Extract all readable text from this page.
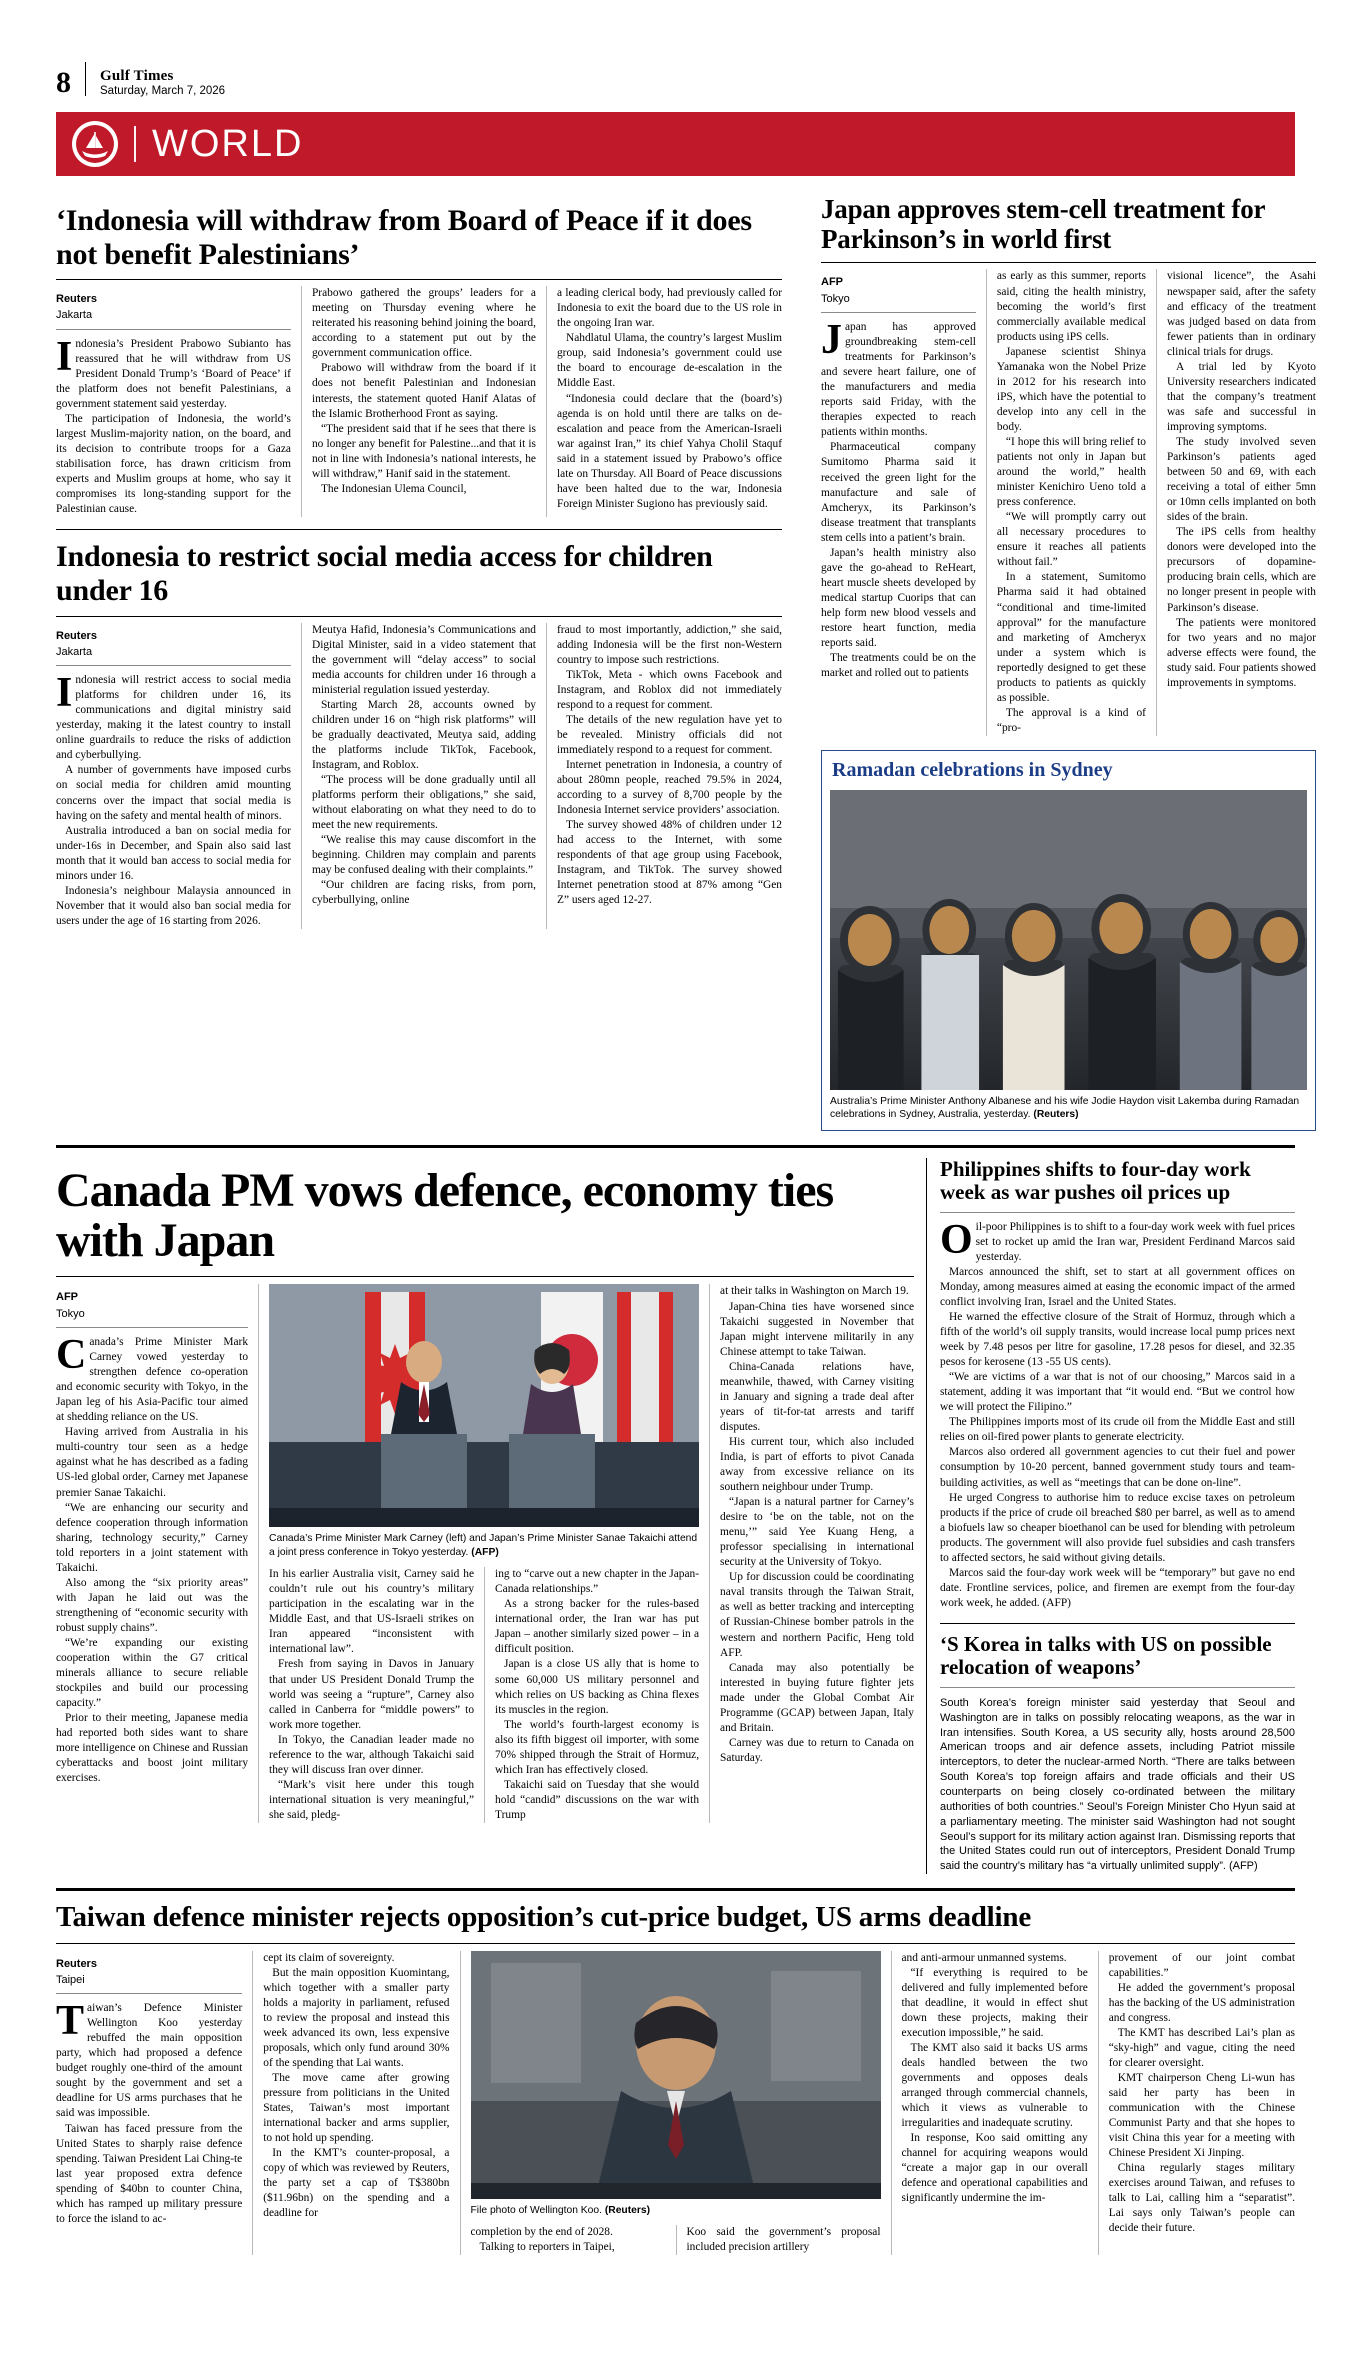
8 Gulf Times
Saturday, March 7, 2026
WORLD
‘Indonesia will withdraw from Board of Peace if it does not benefit Palestinians’
Reuters
Jakarta

Indonesia’s President Prabowo Subianto has reassured that he will withdraw from US President Donald Trump’s ‘Board of Peace’ if the platform does not benefit Palestinians, a government statement said yesterday.

The participation of Indonesia, the world’s largest Muslim-majority nation, on the board, and its decision to contribute troops for a Gaza stabilisation force, has drawn criticism from experts and Muslim groups at home, who say it compromises its long-standing support for the Palestinian cause.

Prabowo gathered the groups’ leaders for a meeting on Thursday evening where he reiterated his reasoning behind joining the board, according to a statement put out by the government communication office.

Prabowo will withdraw from the board if it does not benefit Palestinian and Indonesian interests, the statement quoted Hanif Alatas of the Islamic Brotherhood Front as saying.

“The president said that if he sees that there is no longer any benefit for Palestine...and that it is not in line with Indonesia’s national interests, he will withdraw,” Hanif said in the statement.

The Indonesian Ulema Council,

a leading clerical body, had previously called for Indonesia to exit the board due to the US role in the ongoing Iran war.

Nahdlatul Ulama, the country’s largest Muslim group, said Indonesia’s government could use the board to encourage de-escalation in the Middle East.

“Indonesia could declare that the (board’s) agenda is on hold until there are talks on de-escalation and peace from the American-Israeli war against Iran,” its chief Yahya Cholil Staquf said in a statement issued by Prabowo’s office late on Thursday. All Board of Peace discussions have been halted due to the war, Indonesia Foreign Minister Sugiono has previously said.

Indonesia to restrict social media access for children under 16
Reuters
Jakarta

Indonesia will restrict access to social media platforms for children under 16, its communications and digital ministry said yesterday, making it the latest country to install online guardrails to reduce the risks of addiction and cyberbullying.

A number of governments have imposed curbs on social media for children amid mounting concerns over the impact that social media is having on the safety and mental health of minors.

Australia introduced a ban on social media for under-16s in December, and Spain also said last month that it would ban access to social media for minors under 16.

Indonesia’s neighbour Malaysia announced in November that it would also ban social media for users under the age of 16 starting from 2026.

Meutya Hafid, Indonesia’s Communications and Digital Minister, said in a video statement that the government will “delay access” to social media accounts for children under 16 through a ministerial regulation issued yesterday.

Starting March 28, accounts owned by children under 16 on “high risk platforms” will be gradually deactivated, Meutya said, adding the platforms include TikTok, Facebook, Instagram, and Roblox.

“The process will be done gradually until all platforms perform their obligations,” she said, without elaborating on what they need to do to meet the new requirements.

“We realise this may cause discomfort in the beginning. Children may complain and parents may be confused dealing with their complaints.”

“Our children are facing risks, from porn, cyberbullying, online

fraud to most importantly, addiction,” she said, adding Indonesia will be the first non-Western country to impose such restrictions.

TikTok, Meta - which owns Facebook and Instagram, and Roblox did not immediately respond to a request for comment.

The details of the new regulation have yet to be revealed. Ministry officials did not immediately respond to a request for comment.

Internet penetration in Indonesia, a country of about 280mn people, reached 79.5% in 2024, according to a survey of 8,700 people by the Indonesia Internet service providers’ association.

The survey showed 48% of children under 12 had access to the Internet, with some respondents of that age group using Facebook, Instagram, and TikTok. The survey showed Internet penetration stood at 87% among “Gen Z” users aged 12-27.

Japan approves stem-cell treatment for Parkinson’s in world first
AFP
Tokyo

Japan has approved groundbreaking stem-cell treatments for Parkinson’s and severe heart failure, one of the manufacturers and media reports said Friday, with the therapies expected to reach patients within months.

Pharmaceutical company Sumitomo Pharma said it received the green light for the manufacture and sale of Amcheryx, its Parkinson’s disease treatment that transplants stem cells into a patient’s brain.

Japan’s health ministry also gave the go-ahead to ReHeart, heart muscle sheets developed by medical startup Cuorips that can help form new blood vessels and restore heart function, media reports said.

The treatments could be on the market and rolled out to patients

as early as this summer, reports said, citing the health ministry, becoming the world’s first commercially available medical products using iPS cells.

Japanese scientist Shinya Yamanaka won the Nobel Prize in 2012 for his research into iPS, which have the potential to develop into any cell in the body.

“I hope this will bring relief to patients not only in Japan but around the world,” health minister Kenichiro Ueno told a press conference.

“We will promptly carry out all necessary procedures to ensure it reaches all patients without fail.”

In a statement, Sumitomo Pharma said it had obtained “conditional and time-limited approval” for the manufacture and marketing of Amcheryx under a system which is reportedly designed to get these products to patients as quickly as possible.

The approval is a kind of “pro-

visional licence”, the Asahi newspaper said, after the safety and efficacy of the treatment was judged based on data from fewer patients than in ordinary clinical trials for drugs.

A trial led by Kyoto University researchers indicated that the company’s treatment was safe and successful in improving symptoms.

The study involved seven Parkinson’s patients aged between 50 and 69, with each receiving a total of either 5mn or 10mn cells implanted on both sides of the brain.

The iPS cells from healthy donors were developed into the precursors of dopamine-producing brain cells, which are no longer present in people with Parkinson’s disease.

The patients were monitored for two years and no major adverse effects were found, the study said. Four patients showed improvements in symptoms.

Ramadan celebrations in Sydney
Australia’s Prime Minister Anthony Albanese and his wife Jodie Haydon visit Lakemba during Ramadan celebrations in Sydney, Australia, yesterday. (Reuters)
Canada PM vows defence, economy ties with Japan
AFP
Tokyo

Canada’s Prime Minister Mark Carney vowed yesterday to strengthen defence co-operation and economic security with Tokyo, in the Japan leg of his Asia-Pacific tour aimed at shedding reliance on the US.

Having arrived from Australia in his multi-country tour seen as a hedge against what he has described as a fading US-led global order, Carney met Japanese premier Sanae Takaichi.

“We are enhancing our security and defence cooperation through information sharing, technology security,” Carney told reporters in a joint statement with Takaichi.

Also among the “six priority areas” with Japan he laid out was the strengthening of “economic security with robust supply chains”.

“We’re expanding our existing cooperation within the G7 critical minerals alliance to secure reliable stockpiles and build our processing capacity.”

Prior to their meeting, Japanese media had reported both sides want to share more intelligence on Chinese and Russian cyberattacks and boost joint military exercises.

Canada’s Prime Minister Mark Carney (left) and Japan’s Prime Minister Sanae Takaichi attend a joint press conference in Tokyo yesterday. (AFP)

In his earlier Australia visit, Carney said he couldn’t rule out his country’s military participation in the escalating war in the Middle East, and that US-Israeli strikes on Iran appeared “inconsistent with international law”.

Fresh from saying in Davos in January that under US President Donald Trump the world was seeing a “rupture”, Carney also called in Canberra for “middle powers” to work more together.

In Tokyo, the Canadian leader made no reference to the war, although Takaichi said they will discuss Iran over dinner.

“Mark’s visit here under this tough international situation is very meaningful,” she said, pledg-

ing to “carve out a new chapter in the Japan-Canada relationships.”

As a strong backer for the rules-based international order, the Iran war has put Japan – another similarly sized power – in a difficult position.

Japan is a close US ally that is home to some 60,000 US military personnel and which relies on US backing as China flexes its muscles in the region.

The world’s fourth-largest economy is also its fifth biggest oil importer, with some 70% shipped through the Strait of Hormuz, which Iran has effectively closed.

Takaichi said on Tuesday that she would hold “candid” discussions on the war with Trump

at their talks in Washington on March 19.

Japan-China ties have worsened since Takaichi suggested in November that Japan might intervene militarily in any Chinese attempt to take Taiwan.

China-Canada relations have, meanwhile, thawed, with Carney visiting in January and signing a trade deal after years of tit-for-tat arrests and tariff disputes.

His current tour, which also included India, is part of efforts to pivot Canada away from excessive reliance on its southern neighbour under Trump.

“Japan is a natural partner for Carney’s desire to ‘be on the table, not on the menu,’” said Yee Kuang Heng, a professor specialising in international security at the University of Tokyo.

Up for discussion could be coordinating naval transits through the Taiwan Strait, as well as better tracking and intercepting of Russian-Chinese bomber patrols in the western and northern Pacific, Heng told AFP.

Canada may also potentially be interested in buying future fighter jets made under the Global Combat Air Programme (GCAP) between Japan, Italy and Britain.

Carney was due to return to Canada on Saturday.

Philippines shifts to four-day work week as war pushes oil prices up

Oil-poor Philippines is to shift to a four-day work week with fuel prices set to rocket up amid the Iran war, President Ferdinand Marcos said yesterday.

Marcos announced the shift, set to start at all government offices on Monday, among measures aimed at easing the economic impact of the armed conflict involving Iran, Israel and the United States.

He warned the effective closure of the Strait of Hormuz, through which a fifth of the world’s oil supply transits, would increase local pump prices next week by 7.48 pesos per litre for gasoline, 17.28 pesos for diesel, and 32.35 pesos for kerosene (13 -55 US cents).

“We are victims of a war that is not of our choosing,” Marcos said in a statement, adding it was important that “it would end. “But we control how we will protect the Filipino.”

The Philippines imports most of its crude oil from the Middle East and still relies on oil-fired power plants to generate electricity.

Marcos also ordered all government agencies to cut their fuel and power consumption by 10-20 percent, banned government study tours and team-building activities, as well as “meetings that can be done on-line”.

He urged Congress to authorise him to reduce excise taxes on petroleum products if the price of crude oil breached $80 per barrel, as well as to amend a biofuels law so cheaper bioethanol can be used for blending with petroleum products. The government will also provide fuel subsidies and cash transfers to affected sectors, he said without giving details.

Marcos said the four-day work week will be “temporary” but gave no end date. Frontline services, police, and firemen are exempt from the four-day work week, he added. (AFP)

‘S Korea in talks with US on possible relocation of weapons’
South Korea’s foreign minister said yesterday that Seoul and Washington are in talks on possibly relocating weapons, as the war in Iran intensifies. South Korea, a US security ally, hosts around 28,500 American troops and air defence assets, including Patriot missile interceptors, to deter the nuclear-armed North. “There are talks between South Korea’s top foreign affairs and trade officials and their US counterparts on being closely co-ordinated between the military authorities of both countries.” Seoul’s Foreign Minister Cho Hyun said at a parliamentary meeting. The minister said Washington had not sought Seoul’s support for its military action against Iran. Dismissing reports that the United States could run out of interceptors, President Donald Trump said the country’s military has “a virtually unlimited supply”. (AFP)
Taiwan defence minister rejects opposition’s cut-price budget, US arms deadline
Reuters
Taipei

Taiwan’s Defence Minister Wellington Koo yesterday rebuffed the main opposition party, which had proposed a defence budget roughly one-third of the amount sought by the government and set a deadline for US arms purchases that he said was impossible.

Taiwan has faced pressure from the United States to sharply raise defence spending. Taiwan President Lai Ching-te last year proposed extra defence spending of $40bn to counter China, which has ramped up military pressure to force the island to ac-

cept its claim of sovereignty.

But the main opposition Kuomintang, which together with a smaller party holds a majority in parliament, refused to review the proposal and instead this week advanced its own, less expensive proposals, which only fund around 30% of the spending that Lai wants.

The move came after growing pressure from politicians in the United States, Taiwan’s most important international backer and arms supplier, to not hold up spending.

In the KMT’s counter-proposal, a copy of which was reviewed by Reuters, the party set a cap of T$380bn ($11.96bn) on the spending and a deadline for	File photo of Wellington Koo. (Reuters)

completion by the end of 2028.

Talking to reporters in Taipei,

Koo said the government’s proposal included precision artillery

and anti-armour unmanned systems.

“If everything is required to be delivered and fully implemented before that deadline, it would in effect shut down these projects, making their execution impossible,” he said.

The KMT also said it backs US arms deals handled between the two governments and opposes deals arranged through commercial channels, which it views as vulnerable to irregularities and inadequate scrutiny.

In response, Koo said omitting any channel for acquiring weapons would “create a major gap in our overall defence and operational capabilities and significantly undermine the im-

provement of our joint combat capabilities.”

He added the government’s proposal has the backing of the US administration and congress.

The KMT has described Lai’s plan as “sky-high” and vague, citing the need for clearer oversight.

KMT chairperson Cheng Li-wun has said her party has been in communication with the Chinese Communist Party and that she hopes to visit China this year for a meeting with Chinese President Xi Jinping.

China regularly stages military exercises around Taiwan, and refuses to talk to Lai, calling him a “separatist”. Lai says only Taiwan’s people can decide their future.
